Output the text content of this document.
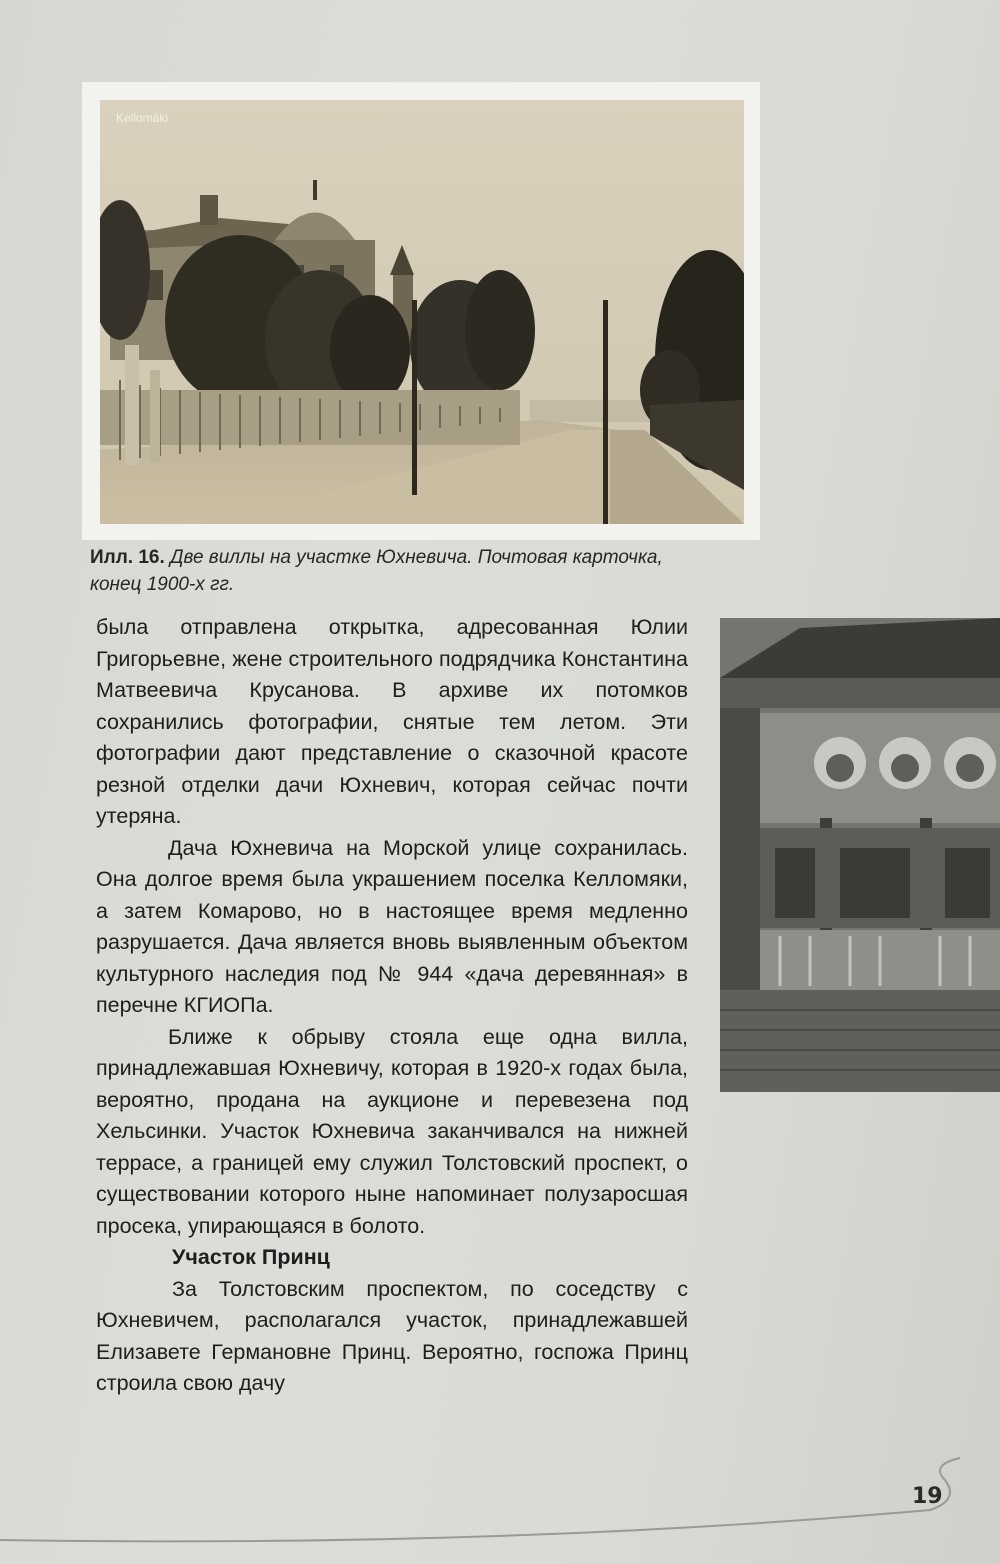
Kellomäki
Илл. 16. Две виллы на участке Юхневича. Почтовая карточка, конец 1900-х гг.

была отправлена открытка, адресованная Юлии Григорьевне, жене строительного подрядчика Константина Матвеевича Крусанова. В архиве их потомков сохранились фотографии, снятые тем летом. Эти фотографии дают представление о сказочной красоте резной отделки дачи Юхневич, которая сейчас почти утеряна.

Дача Юхневича на Морской улице сохранилась. Она долгое время была украшением поселка Келломяки, а затем Комарово, но в настоящее время медленно разрушается. Дача является вновь выявленным объектом культурного наследия под № 944 «дача деревянная» в перечне КГИОПа.

Ближе к обрыву стояла еще одна вилла, принадлежавшая Юхневичу, которая в 1920-х годах была, вероятно, продана на аукционе и перевезена под Хельсинки. Участок Юхневича заканчивался на нижней террасе, а границей ему служил Толстовский проспект, о существовании которого ныне напоминает полузаросшая просека, упирающаяся в болото.

Участок Принц

За Толстовским проспектом, по соседству с Юхневичем, располагался участок, принадлежавшей Елизавете Германовне Принц. Вероятно, госпожа Принц строила свою дачу

19
